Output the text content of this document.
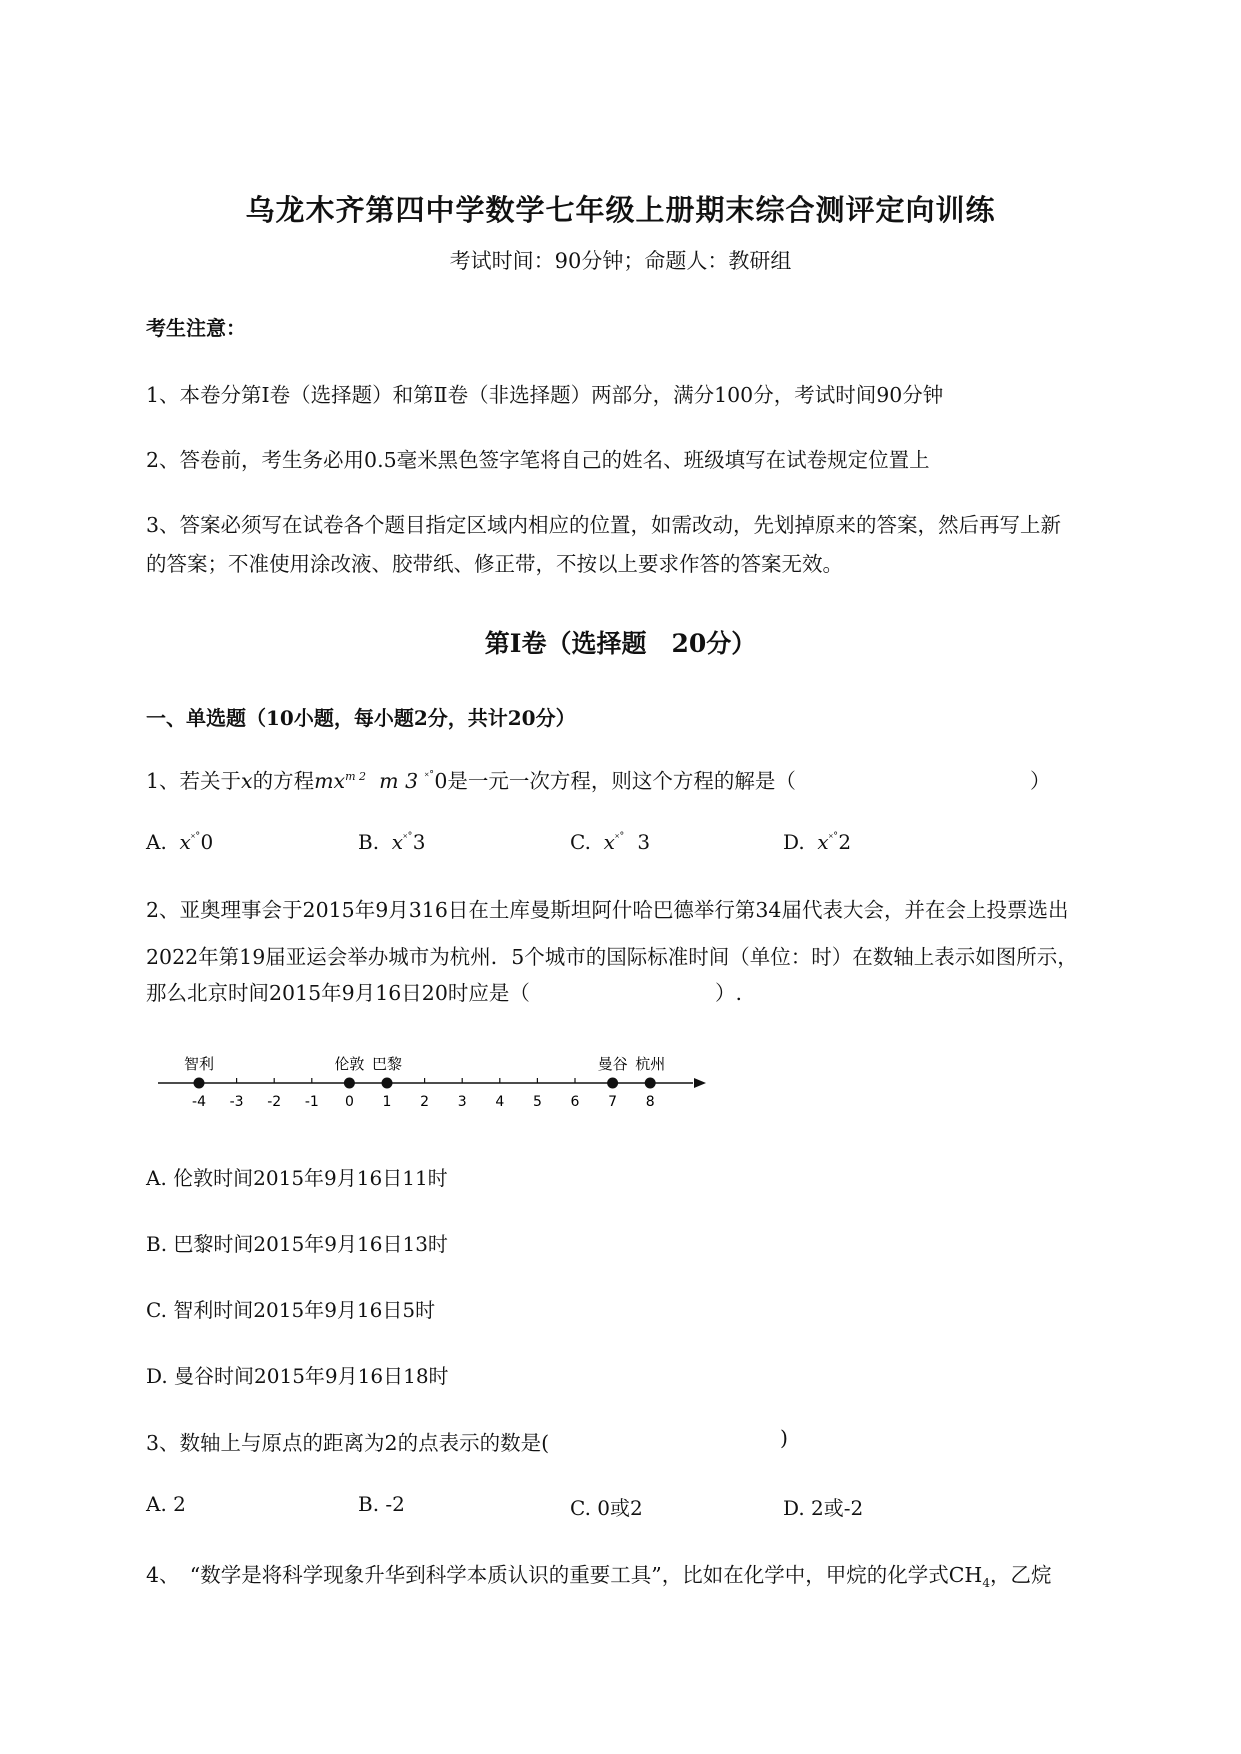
乌龙木齐第四中学数学七年级上册期末综合测评定向训练
考试时间：90分钟；命题人：教研组
考生注意：
1、本卷分第Ⅰ卷（选择题）和第Ⅱ卷（非选择题）两部分，满分100分，考试时间90分钟
2、答卷前，考生务必用0.5毫米黑色签字笔将自己的姓名、班级填写在试卷规定位置上
3、答案必须写在试卷各个题目指定区域内相应的位置，如需改动，先划掉原来的答案，然后再写上新
的答案；不准使用涂改液、胶带纸、修正带，不按以上要求作答的答案无效。
第Ⅰ卷（选择题　20分）
一、单选题（10小题，每小题2分，共计20分）
1、若关于x的方程$mx^{m 2}$ m 3 ˟˚0是一元一次方程，则这个方程的解是（	）
A. x˟˚0	B. x˟˚3	C. x˟˚ 3	D. x˟˚2
2、亚奥理事会于2015年9月316日在土库曼斯坦阿什哈巴德举行第34届代表大会，并在会上投票选出
2022年第19届亚运会举办城市为杭州．5个城市的国际标准时间（单位：时）在数轴上表示如图所示，
那么北京时间2015年9月16日20时应是（	）.
-4 -3 -2 -1 0 1 2 3 4 5 6 7 8
智利	伦敦 巴黎	曼谷 杭州
A. 伦敦时间2015年9月16日11时
B. 巴黎时间2015年9月16日13时
C. 智利时间2015年9月16日5时
D. 曼谷时间2015年9月16日18时
3、数轴上与原点的距离为2的点表示的数是(	)
A. 2	B. -2	C. 0或2	D. 2或-2
4、　“数学是将科学现象升华到科学本质认识的重要工具”，比如在化学中，甲烷的化学式$CH_4$，乙烷
